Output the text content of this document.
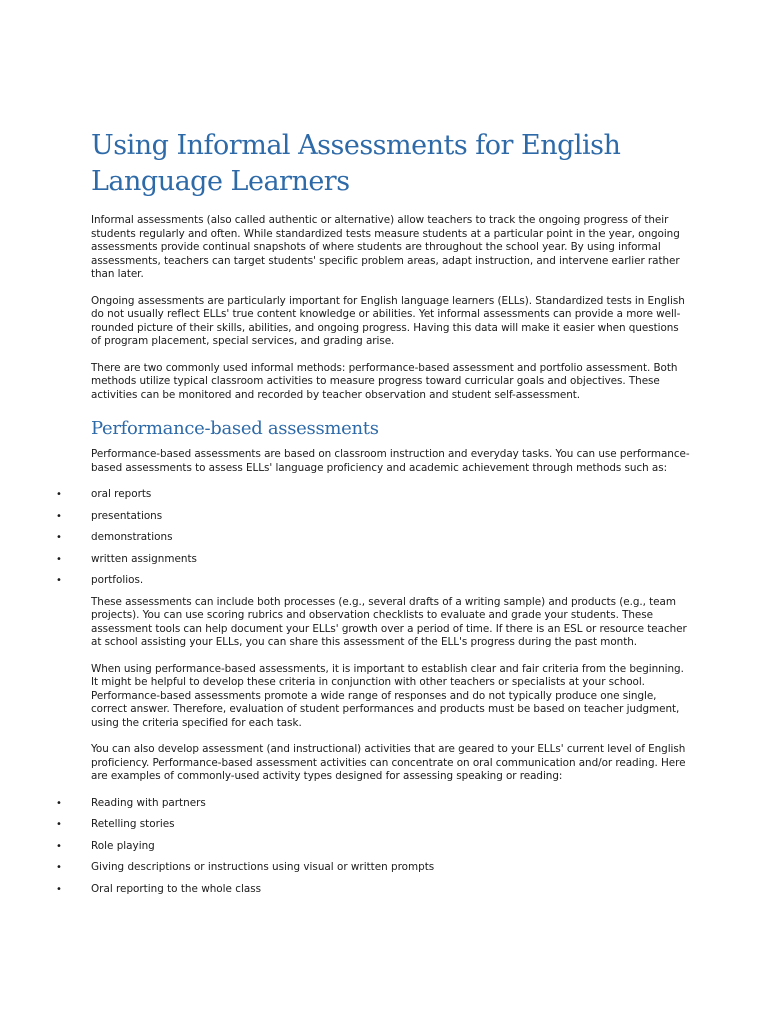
Using Informal Assessments for English Language Learners

Informal assessments (also called authentic or alternative) allow teachers to track the ongoing progress of their students regularly and often. While standardized tests measure students at a particular point in the year, ongoing assessments provide continual snapshots of where students are throughout the school year. By using informal assessments, teachers can target students' specific problem areas, adapt instruction, and intervene earlier rather than later.

Ongoing assessments are particularly important for English language learners (ELLs). Standardized tests in English do not usually reflect ELLs' true content knowledge or abilities. Yet informal assessments can provide a more well-rounded picture of their skills, abilities, and ongoing progress. Having this data will make it easier when questions of program placement, special services, and grading arise.

There are two commonly used informal methods: performance-based assessment and portfolio assessment. Both methods utilize typical classroom activities to measure progress toward curricular goals and objectives. These activities can be monitored and recorded by teacher observation and student self-assessment.

Performance-based assessments

Performance-based assessments are based on classroom instruction and everyday tasks. You can use performance-based assessments to assess ELLs' language proficiency and academic achievement through methods such as:

•	oral reports
•	presentations
•	demonstrations
•	written assignments
•	portfolios.

These assessments can include both processes (e.g., several drafts of a writing sample) and products (e.g., team projects). You can use scoring rubrics and observation checklists to evaluate and grade your students. These assessment tools can help document your ELLs' growth over a period of time. If there is an ESL or resource teacher at school assisting your ELLs, you can share this assessment of the ELL's progress during the past month.

When using performance-based assessments, it is important to establish clear and fair criteria from the beginning. It might be helpful to develop these criteria in conjunction with other teachers or specialists at your school. Performance-based assessments promote a wide range of responses and do not typically produce one single, correct answer. Therefore, evaluation of student performances and products must be based on teacher judgment, using the criteria specified for each task.

You can also develop assessment (and instructional) activities that are geared to your ELLs' current level of English proficiency. Performance-based assessment activities can concentrate on oral communication and/or reading. Here are examples of commonly-used activity types designed for assessing speaking or reading:

•	Reading with partners
•	Retelling stories
•	Role playing
•	Giving descriptions or instructions using visual or written prompts
•	Oral reporting to the whole class
